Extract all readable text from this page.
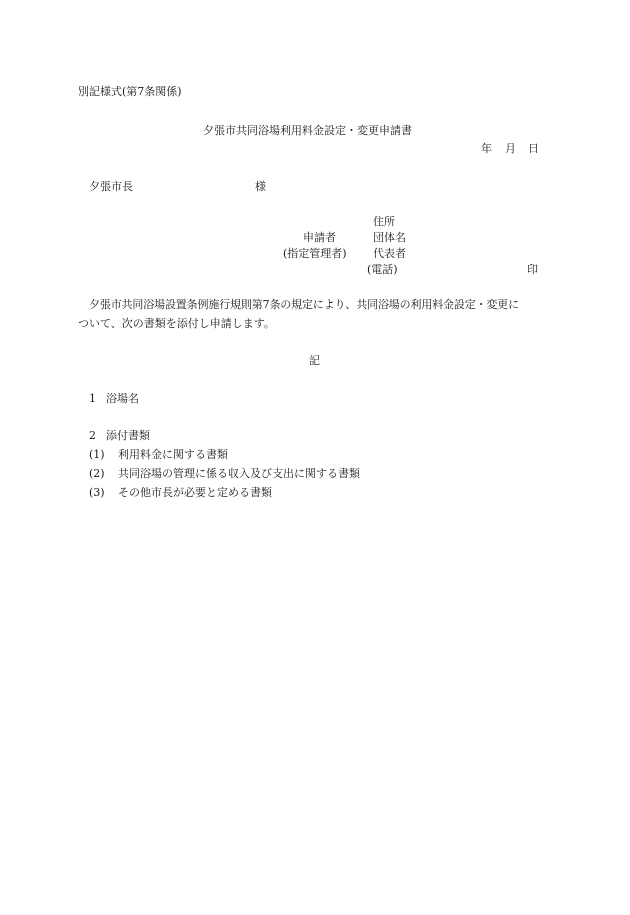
別記様式(第7条関係)

夕張市共同浴場利用料金設定・変更申請書

年 月 日

夕張市長	様

住所

申請者	団体名

(指定管理者) 代表者

(電話)	印

夕張市共同浴場設置条例施行規則第7条の規定により、共同浴場の利用料金設定・変更に

ついて、次の書類を添付し申請します。

記

1 浴場名

2 添付書類

(1) 利用料金に関する書類

(2) 共同浴場の管理に係る収入及び支出に関する書類

(3) その他市長が必要と定める書類
